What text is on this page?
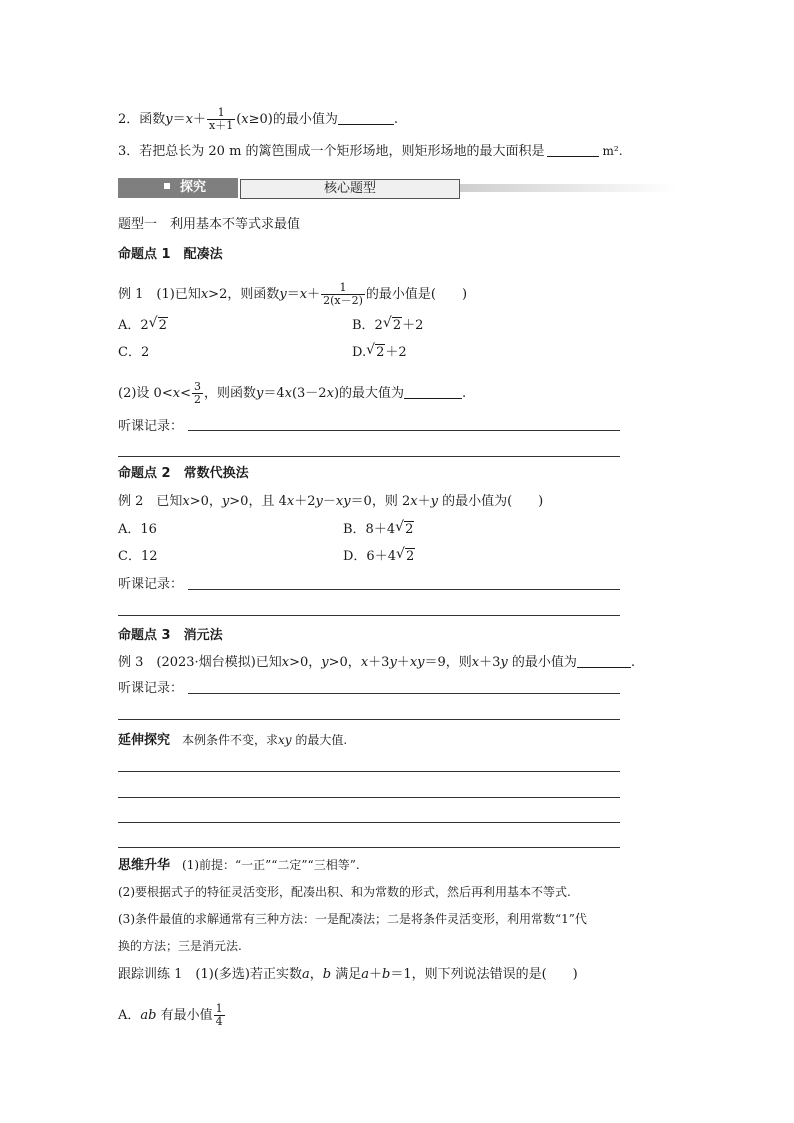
2．函数$y=x+ \frac{1}{x+1} (x\ge 0)$的最小值为	.
3．若把总长为 20 m 的篱笆围成一个矩形场地，则矩形场地的最大面积是	m².
探究	核心题型
题型一　利用基本不等式求最值
命题点 1　配凑法
例 1　(1)已知x>2，则函数$y=x+ \frac{1}{2(x-2)}$ 的最小值是(　　)
A．2 √ 2	B．2 √ 2＋2
C．2	D. √ 2＋2
(2)设 $0<x< \frac{3}{2}$ ，则函数y＝4x(3－2x)的最大值为	.
听课记录：
命题点 2　常数代换法
例 2　已知x>0，y>0，且 4x＋2y－xy＝0，则 2x＋y 的最小值为(　　)
A．16	B．8＋4 √ 2
C．12	D．6＋4 √ 2
听课记录：
命题点 3　消元法
例 3　(2023·烟台模拟)已知x>0，y>0，x＋3y＋xy＝9，则x＋3y 的最小值为	.
听课记录：
延伸探究　本例条件不变，求xy 的最大值.
思维升华　(1)前提：“一正”“二定”“三相等”.
(2)要根据式子的特征灵活变形，配凑出积、和为常数的形式，然后再利用基本不等式.
(3)条件最值的求解通常有三种方法：一是配凑法；二是将条件灵活变形，利用常数“1”代
换的方法；三是消元法.
跟踪训练 1　(1)(多选)若正实数a，b 满足a＋b＝1，则下列说法错误的是(　　)
A．ab 有最小值 $\frac{1}{4}$
